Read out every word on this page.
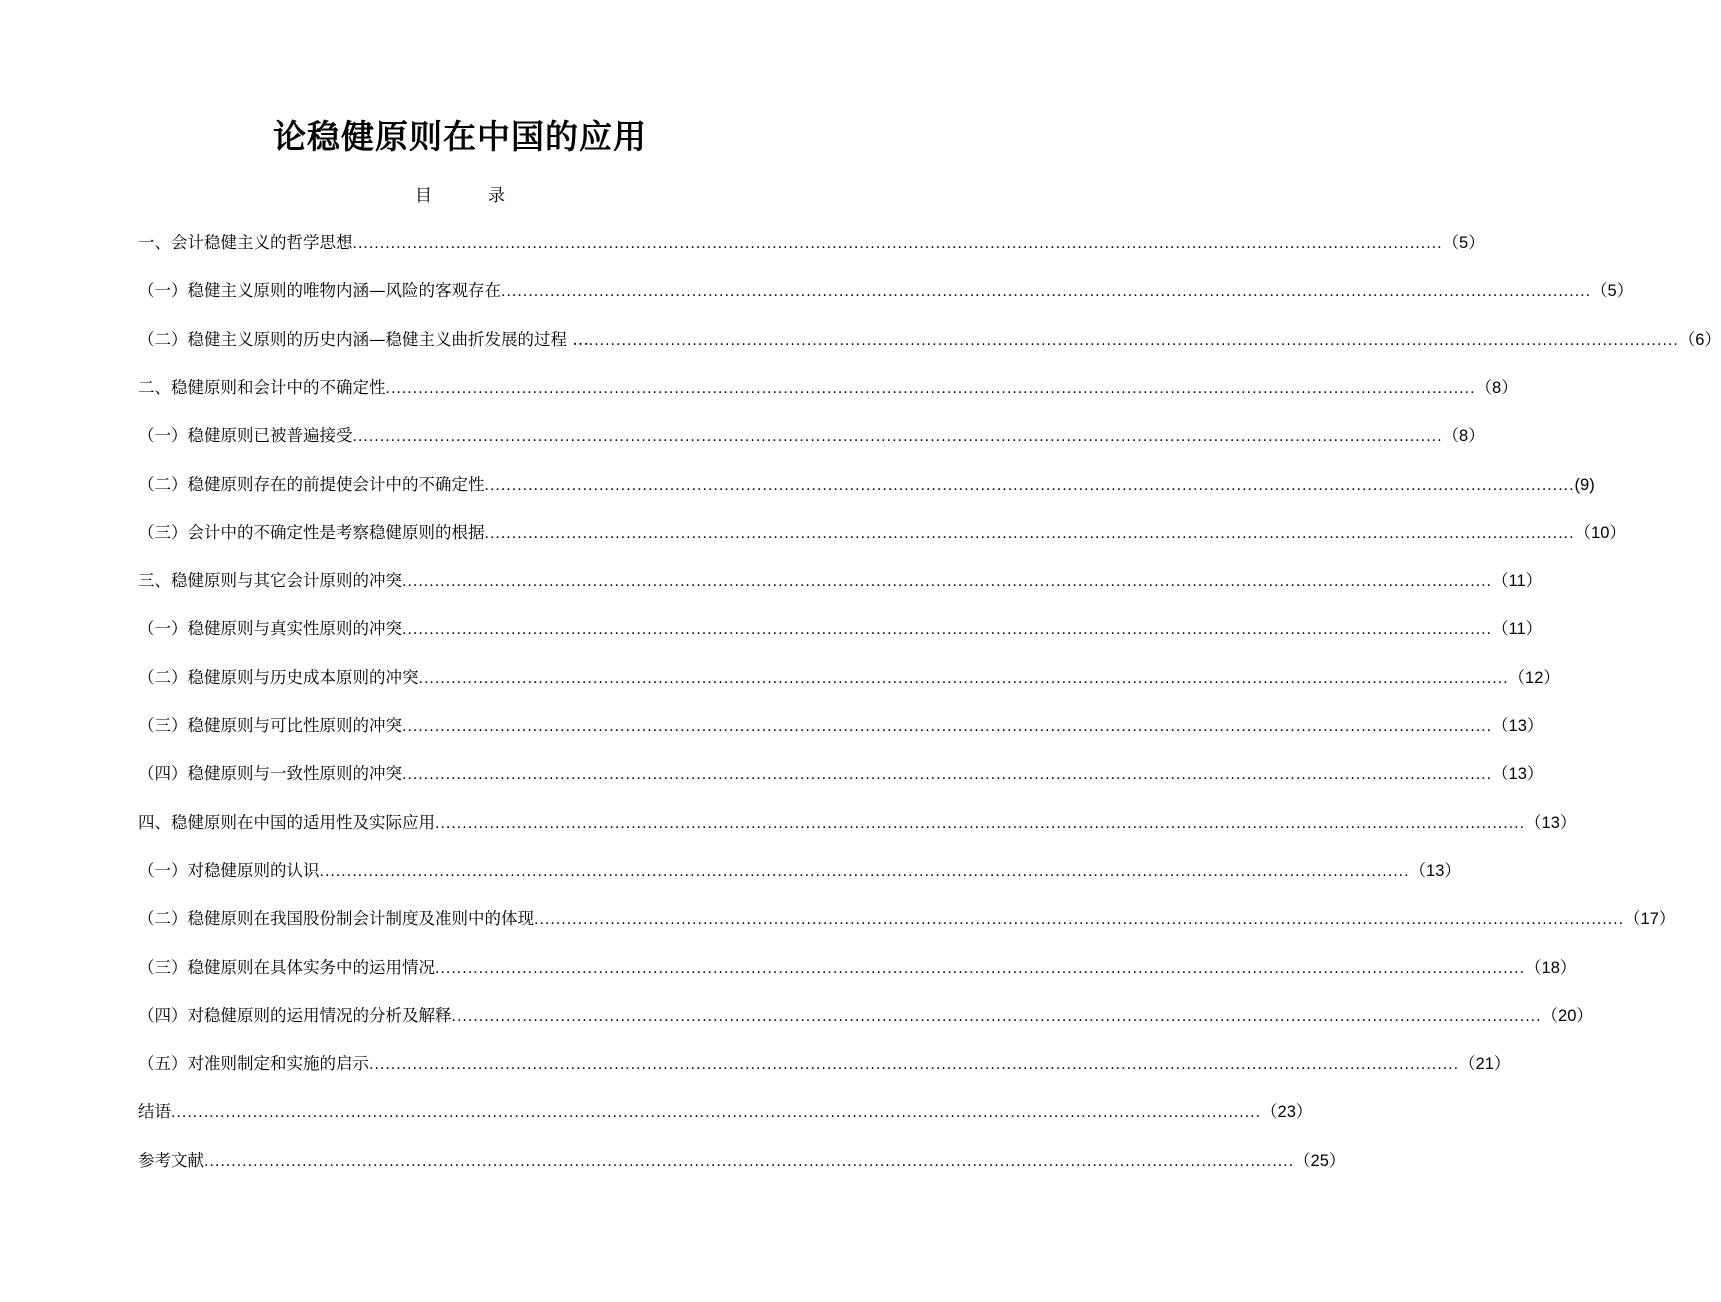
论稳健原则在中国的应用
目	录
一、会计稳健主义的哲学思想 ........................................................................................................................................................................................................ （5）
（一）稳健主义原则的唯物内涵—风险的客观存在 ........................................................................................................................................................................................................ （5）
（二）稳健主义原则的历史内涵—稳健主义曲折发展的过程 … ........................................................................................................................................................................................................ （6）
二、稳健原则和会计中的不确定性 ........................................................................................................................................................................................................ （8）
（一）稳健原则已被普遍接受 ........................................................................................................................................................................................................ （8）
（二）稳健原则存在的前提使会计中的不确定性 ........................................................................................................................................................................................................ (9)
（三）会计中的不确定性是考察稳健原则的根据 ........................................................................................................................................................................................................ （10）
三、稳健原则与其它会计原则的冲突 ........................................................................................................................................................................................................ （11）
（一）稳健原则与真实性原则的冲突 ........................................................................................................................................................................................................ （11）
（二）稳健原则与历史成本原则的冲突 ........................................................................................................................................................................................................ （12）
（三）稳健原则与可比性原则的冲突 ........................................................................................................................................................................................................ （13）
（四）稳健原则与一致性原则的冲突 ........................................................................................................................................................................................................ （13）
四、稳健原则在中国的适用性及实际应用 ........................................................................................................................................................................................................ （13）
（一）对稳健原则的认识 ........................................................................................................................................................................................................ （13）
（二）稳健原则在我国股份制会计制度及准则中的体现 ........................................................................................................................................................................................................ （17）
（三）稳健原则在具体实务中的运用情况 ........................................................................................................................................................................................................ （18）
（四）对稳健原则的运用情况的分析及解释 ........................................................................................................................................................................................................ （20）
（五）对准则制定和实施的启示 ........................................................................................................................................................................................................ （21）
结语 ........................................................................................................................................................................................................ （23）
参考文献 ........................................................................................................................................................................................................ （25）
